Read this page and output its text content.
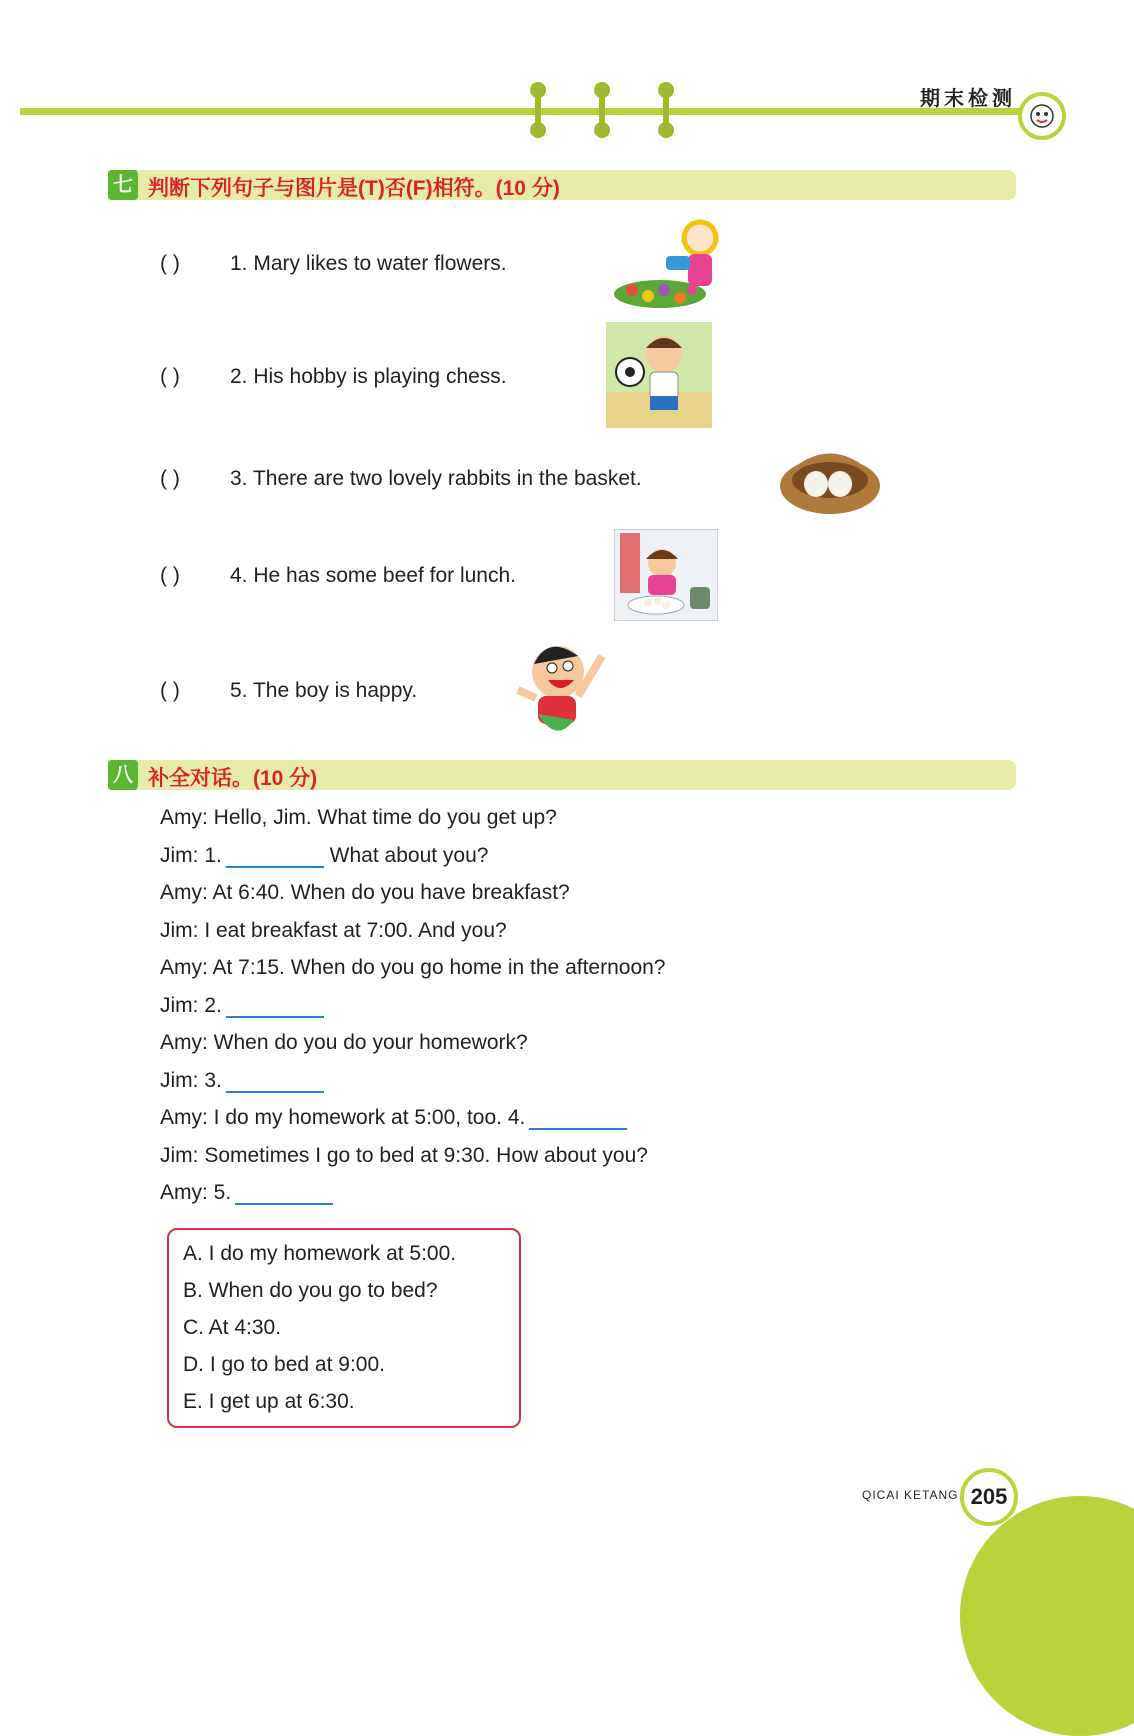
期末检测
七 判断下列句子与图片是(T)否(F)相符。(10 分)
( ) 1. Mary likes to water flowers.
( ) 2. His hobby is playing chess.
( ) 3. There are two lovely rabbits in the basket.
( ) 4. He has some beef for lunch.
( ) 5. The boy is happy.
八 补全对话。(10 分)
Amy: Hello, Jim. What time do you get up?
Jim: 1.	What about you?
Amy: At 6:40. When do you have breakfast?
Jim: I eat breakfast at 7:00. And you?
Amy: At 7:15. When do you go home in the afternoon?
Jim: 2.
Amy: When do you do your homework?
Jim: 3.
Amy: I do my homework at 5:00, too. 4.
Jim: Sometimes I go to bed at 9:30. How about you?
Amy: 5.
A. I do my homework at 5:00.
B. When do you go to bed?
C. At 4:30.
D. I go to bed at 9:00.
E. I get up at 6:30.
QICAI KETANG 205
